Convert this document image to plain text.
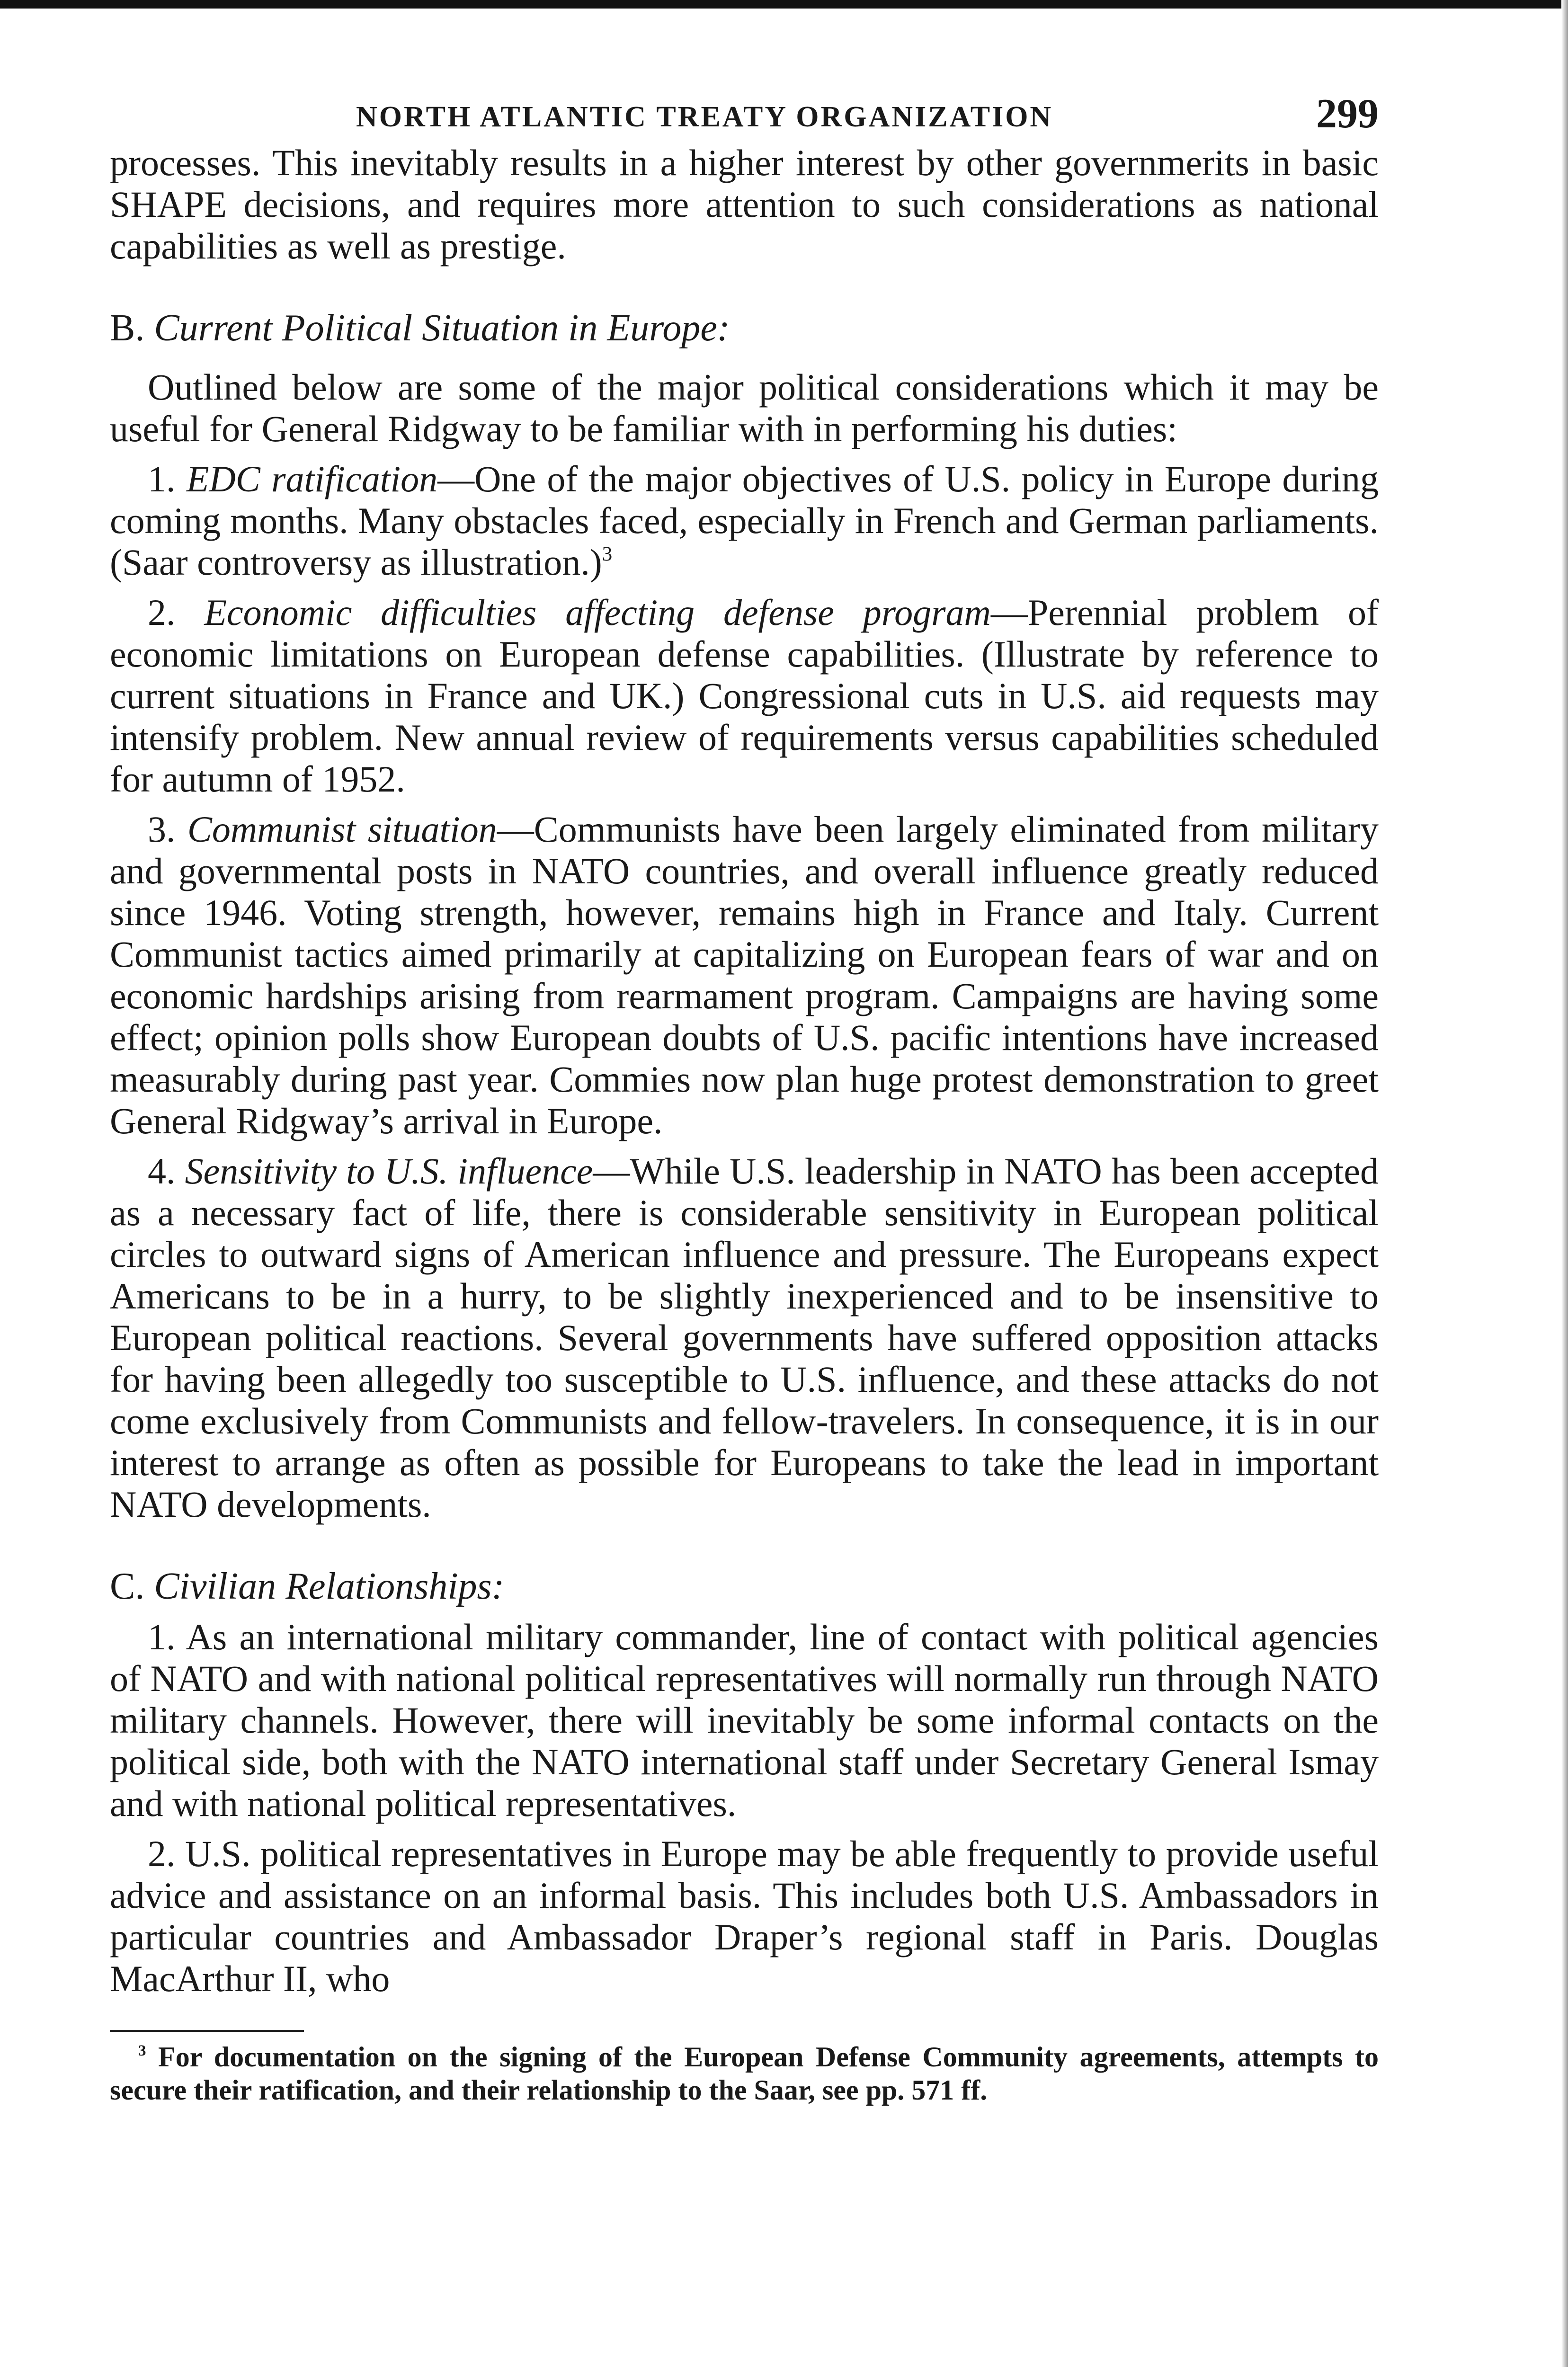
NORTH ATLANTIC TREATY ORGANIZATION	299

processes. This inevitably results in a higher interest by other governmerits in basic SHAPE decisions, and requires more attention to such considerations as national capabilities as well as prestige.

B. Current Political Situation in Europe:

Outlined below are some of the major political considerations which it may be useful for General Ridgway to be familiar with in performing his duties:

1. EDC ratification—One of the major objectives of U.S. policy in Europe during coming months. Many obstacles faced, especially in French and German parliaments. (Saar controversy as illustration.)$^3$

2. Economic difficulties affecting defense program—Perennial problem of economic limitations on European defense capabilities. (Illustrate by reference to current situations in France and UK.) Congressional cuts in U.S. aid requests may intensify problem. New annual review of requirements versus capabilities scheduled for autumn of 1952.

3. Communist situation—Communists have been largely eliminated from military and governmental posts in NATO countries, and overall influence greatly reduced since 1946. Voting strength, however, remains high in France and Italy. Current Communist tactics aimed primarily at capitalizing on European fears of war and on economic hardships arising from rearmament program. Campaigns are having some effect; opinion polls show European doubts of U.S. pacific intentions have increased measurably during past year. Commies now plan huge protest demonstration to greet General Ridgway’s arrival in Europe.

4. Sensitivity to U.S. influence—While U.S. leadership in NATO has been accepted as a necessary fact of life, there is considerable sensitivity in European political circles to outward signs of American influence and pressure. The Europeans expect Americans to be in a hurry, to be slightly inexperienced and to be insensitive to European political reactions. Several governments have suffered opposition attacks for having been allegedly too susceptible to U.S. influence, and these attacks do not come exclusively from Communists and fellow-travelers. In consequence, it is in our interest to arrange as often as possible for Europeans to take the lead in important NATO developments.

C. Civilian Relationships:

1. As an international military commander, line of contact with political agencies of NATO and with national political representatives will normally run through NATO military channels. However, there will inevitably be some informal contacts on the political side, both with the NATO international staff under Secretary General Ismay and with national political representatives.

2. U.S. political representatives in Europe may be able frequently to provide useful advice and assistance on an informal basis. This includes both U.S. Ambassadors in particular countries and Ambassador Draper’s regional staff in Paris. Douglas MacArthur II, who

$^3$ For documentation on the signing of the European Defense Community agreements, attempts to secure their ratification, and their relationship to the Saar, see pp. 571 ff.
